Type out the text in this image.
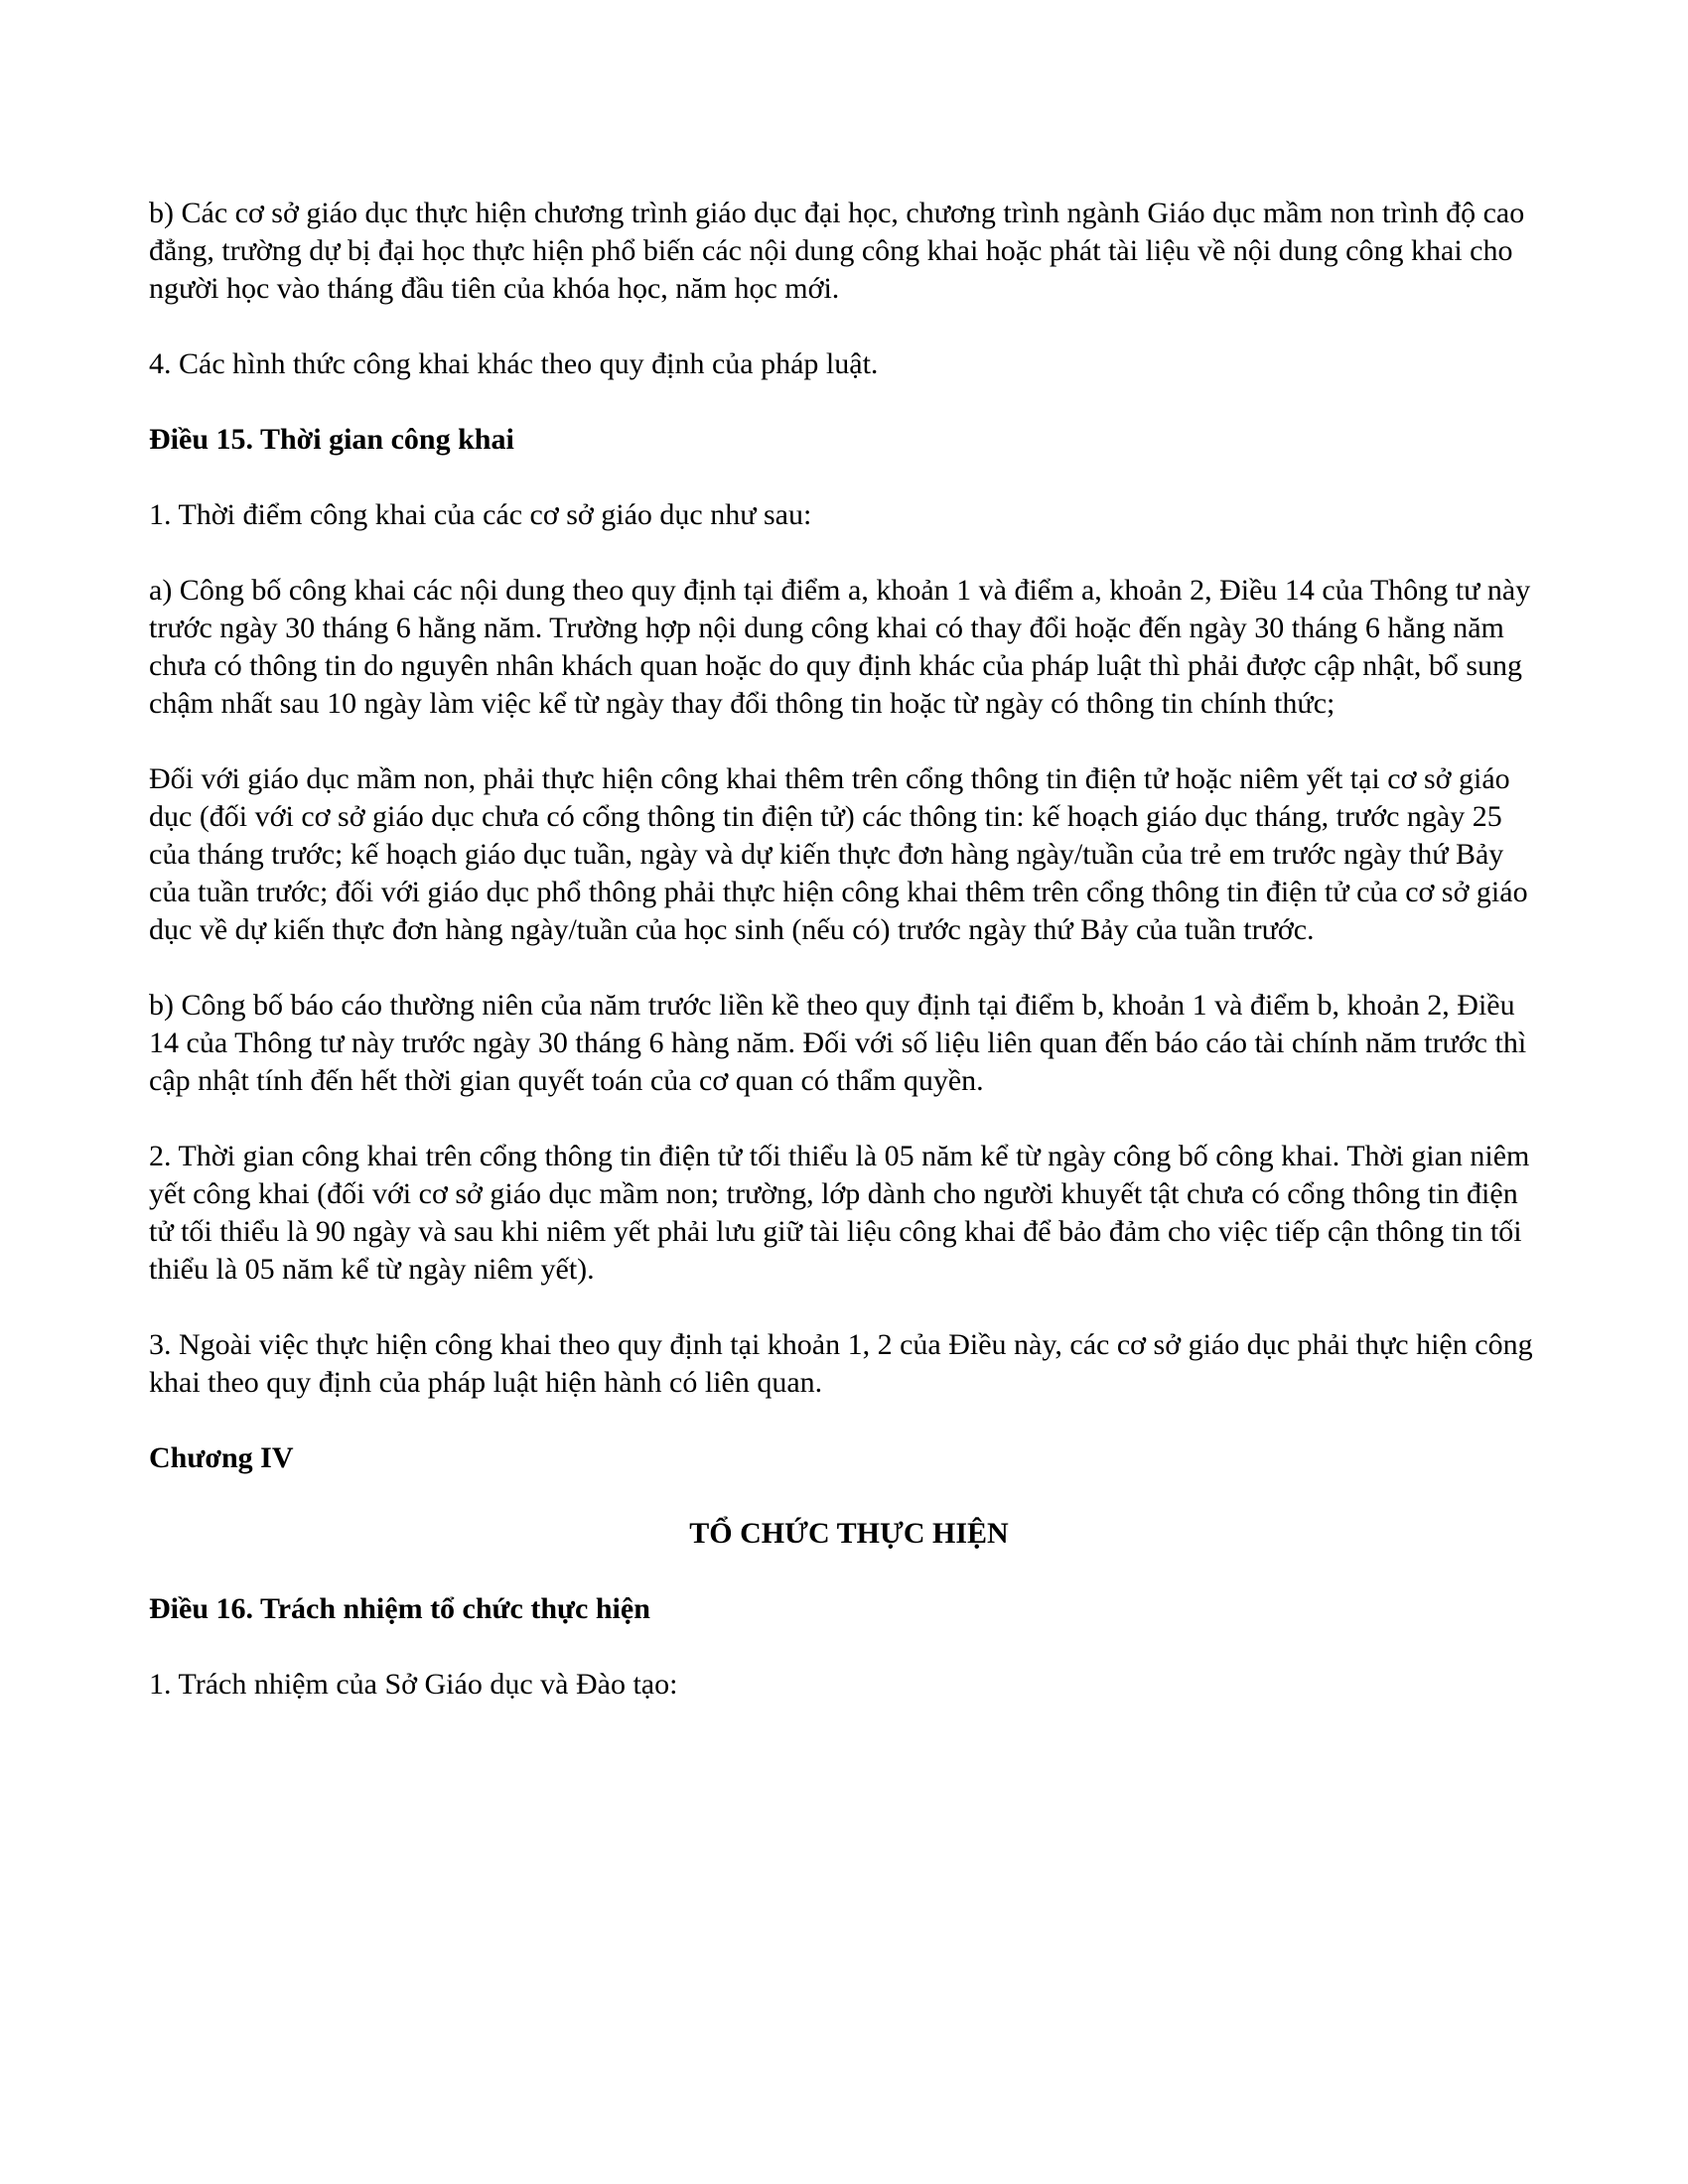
b) Các cơ sở giáo dục thực hiện chương trình giáo dục đại học, chương trình ngành Giáo dục mầm non trình độ cao đẳng, trường dự bị đại học thực hiện phổ biến các nội dung công khai hoặc phát tài liệu về nội dung công khai cho người học vào tháng đầu tiên của khóa học, năm học mới.

4. Các hình thức công khai khác theo quy định của pháp luật.

Điều 15. Thời gian công khai

1. Thời điểm công khai của các cơ sở giáo dục như sau:

a) Công bố công khai các nội dung theo quy định tại điểm a, khoản 1 và điểm a, khoản 2, Điều 14 của Thông tư này trước ngày 30 tháng 6 hằng năm. Trường hợp nội dung công khai có thay đổi hoặc đến ngày 30 tháng 6 hằng năm chưa có thông tin do nguyên nhân khách quan hoặc do quy định khác của pháp luật thì phải được cập nhật, bổ sung chậm nhất sau 10 ngày làm việc kể từ ngày thay đổi thông tin hoặc từ ngày có thông tin chính thức;

Đối với giáo dục mầm non, phải thực hiện công khai thêm trên cổng thông tin điện tử hoặc niêm yết tại cơ sở giáo dục (đối với cơ sở giáo dục chưa có cổng thông tin điện tử) các thông tin: kế hoạch giáo dục tháng, trước ngày 25 của tháng trước; kế hoạch giáo dục tuần, ngày và dự kiến thực đơn hàng ngày/tuần của trẻ em trước ngày thứ Bảy của tuần trước; đối với giáo dục phổ thông phải thực hiện công khai thêm trên cổng thông tin điện tử của cơ sở giáo dục về dự kiến thực đơn hàng ngày/tuần của học sinh (nếu có) trước ngày thứ Bảy của tuần trước.

b) Công bố báo cáo thường niên của năm trước liền kề theo quy định tại điểm b, khoản 1 và điểm b, khoản 2, Điều 14 của Thông tư này trước ngày 30 tháng 6 hàng năm. Đối với số liệu liên quan đến báo cáo tài chính năm trước thì cập nhật tính đến hết thời gian quyết toán của cơ quan có thẩm quyền.

2. Thời gian công khai trên cổng thông tin điện tử tối thiểu là 05 năm kể từ ngày công bố công khai. Thời gian niêm yết công khai (đối với cơ sở giáo dục mầm non; trường, lớp dành cho người khuyết tật chưa có cổng thông tin điện tử tối thiểu là 90 ngày và sau khi niêm yết phải lưu giữ tài liệu công khai để bảo đảm cho việc tiếp cận thông tin tối thiểu là 05 năm kể từ ngày niêm yết).

3. Ngoài việc thực hiện công khai theo quy định tại khoản 1, 2 của Điều này, các cơ sở giáo dục phải thực hiện công khai theo quy định của pháp luật hiện hành có liên quan.

Chương IV

TỔ CHỨC THỰC HIỆN

Điều 16. Trách nhiệm tổ chức thực hiện

1. Trách nhiệm của Sở Giáo dục và Đào tạo:
